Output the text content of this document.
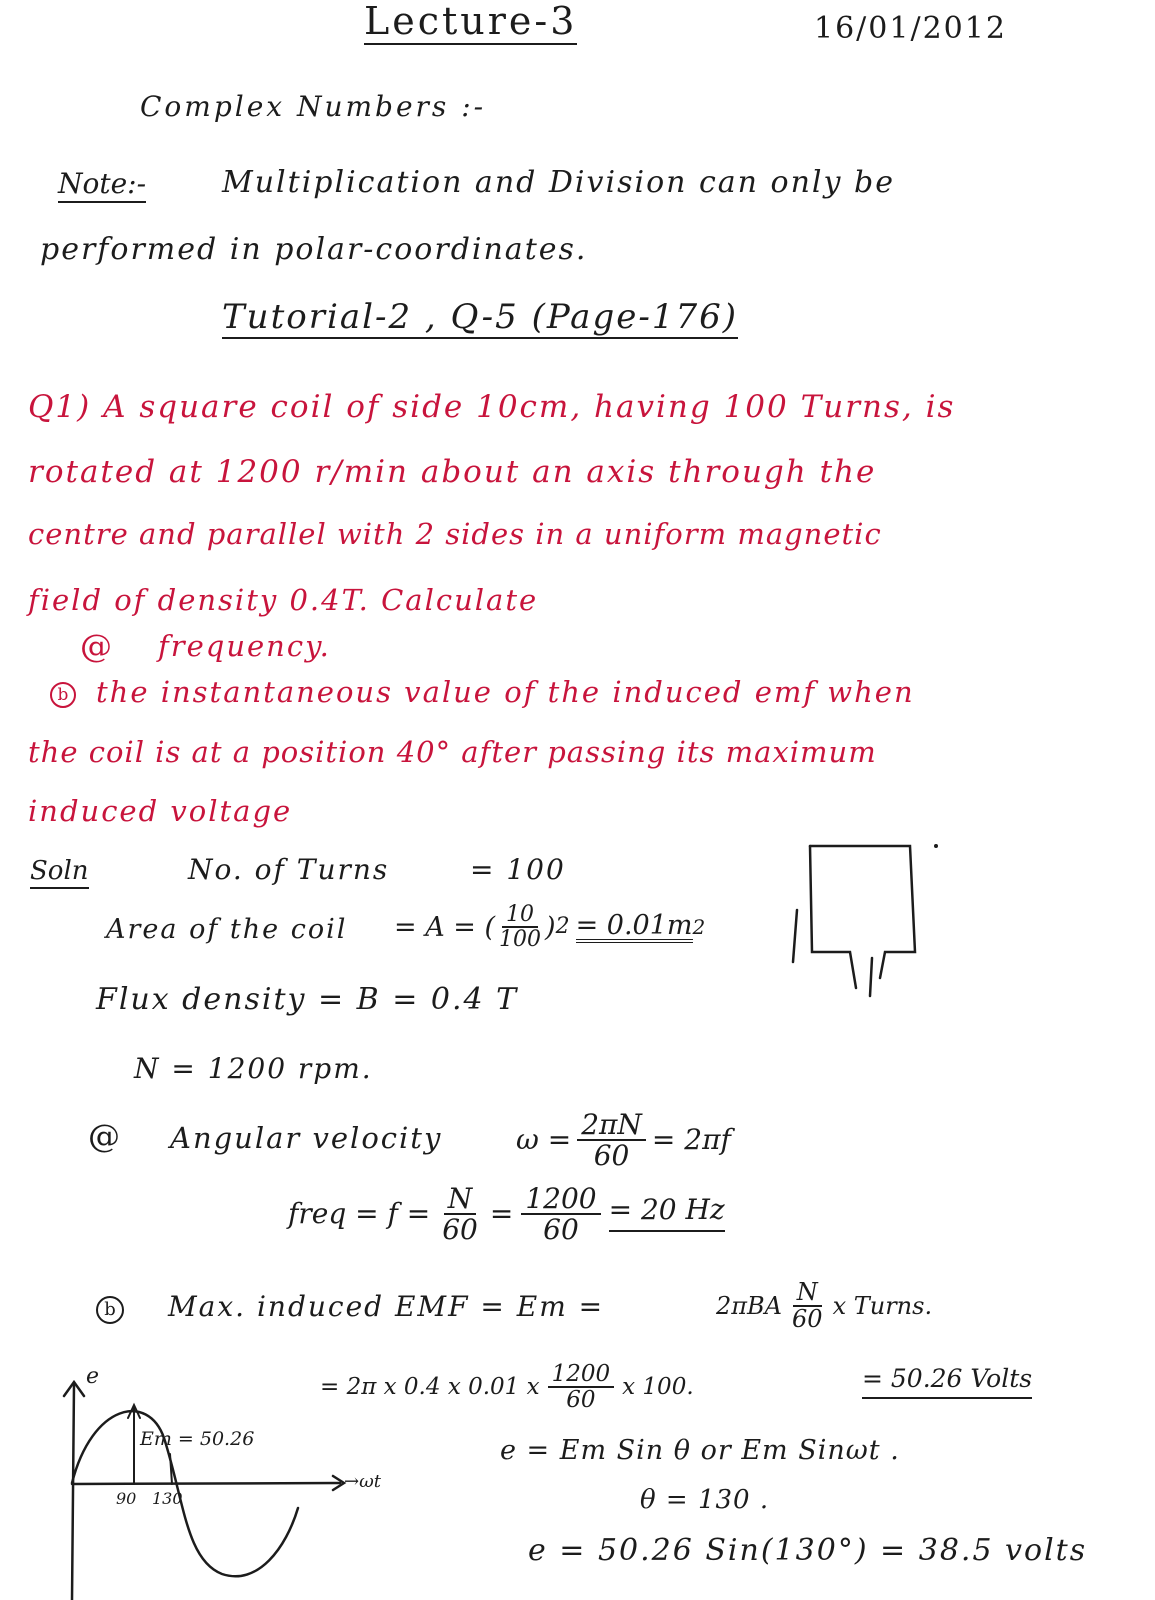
Lecture-3	16/01/2012
Complex Numbers :-
Note:-	Multiplication and Division can only be
performed in polar-coordinates.
Tutorial-2 , Q-5 (Page-176)
Q1) A square coil of side 10cm, having 100 Turns, is
rotated at 1200 r/min about an axis through the
centre and parallel with 2 sides in a uniform magnetic
field of density 0.4T. Calculate
@ frequency.
b the instantaneous value of the induced emf when
the coil is at a position 40° after passing its maximum
induced voltage
Soln	No. of Turns	= 100
Area of the coil = A = ( $\frac{10}{100}$ ) 2 = 0.01m 2
Flux density = B = 0.4 T
N = 1200 rpm.
@ Angular velocity	$\omega = \frac{2\pi N}{60} = 2\pi f$
freq = $f = \frac{N}{60} = \frac{1200}{60} = 20$ Hz
b Max. induced EMF = Em =	$2\pi BA \frac{N}{60}$ x Turns.
= 2π x 0.4 x 0.01 x $\frac{1200}{60}$ x 100.	= 50.26 Volts
e = Em Sin θ or Em Sinωt .
θ = 130 .
e = 50.26 Sin(130°) = 38.5 volts
e
→ωt
Em = 50.26
90 130
